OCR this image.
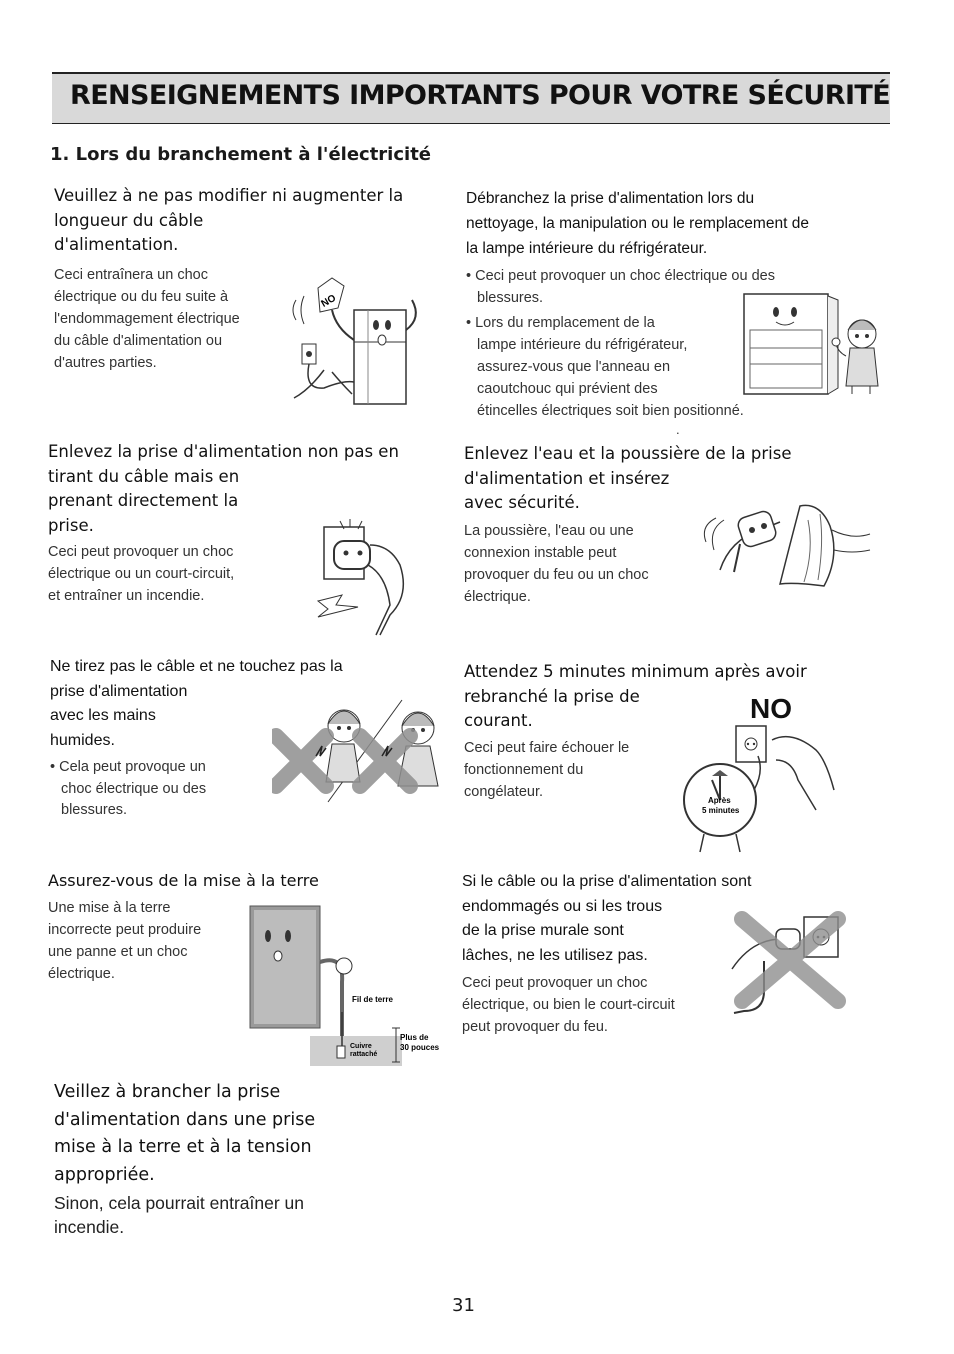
RENSEIGNEMENTS IMPORTANTS POUR VOTRE SÉCURITÉ
1. Lors du branchement à l'électricité
Veuillez à ne pas modifier ni augmenter la
longueur du câble
d'alimentation.
Ceci entraînera un choc
électrique ou du feu suite à
l'endommagement électrique
du câble d'alimentation ou
d'autres parties.
NO
Débranchez la prise d'alimentation lors du
nettoyage, la manipulation ou le remplacement de
la lampe intérieure du réfrigérateur.
• Ceci peut provoquer un choc électrique ou des
blessures.
• Lors du remplacement de la
lampe intérieure du réfrigérateur,
assurez-vous que l'anneau en
caoutchouc qui prévient des
étincelles électriques soit bien positionné.
.
Enlevez la prise d'alimentation non pas en
tirant du câble mais en
prenant directement la
prise.
Ceci peut provoquer un choc
électrique ou un court-circuit,
et entraîner un incendie.
Enlevez l'eau et la poussière de la prise
d'alimentation et insérez
avec sécurité.
La poussière, l'eau ou une
connexion instable peut
provoquer du feu ou un choc
électrique.
Ne tirez pas le câble et ne touchez pas la
prise d'alimentation
avec les mains
humides.
• Cela peut provoque un
choc électrique ou des
blessures.
Attendez 5 minutes minimum après avoir
rebranché la prise de
courant.
Ceci peut faire échouer le
fonctionnement du
congélateur.
NO
Après
5 minutes
Assurez-vous de la mise à la terre
Une mise à la terre
incorrecte peut produire
une panne et un choc
électrique.
Fil de terre
Cuivre
rattaché
Plus de
30 pouces
Si le câble ou la prise d'alimentation sont
endommagés ou si les trous
de la prise murale sont
lâches, ne les utilisez pas.
Ceci peut provoquer un choc
électrique, ou bien le court-circuit
peut provoquer du feu.
Veillez à brancher la prise
d'alimentation dans une prise
mise à la terre et à la tension
appropriée.
Sinon, cela pourrait entraîner un
incendie.
31
